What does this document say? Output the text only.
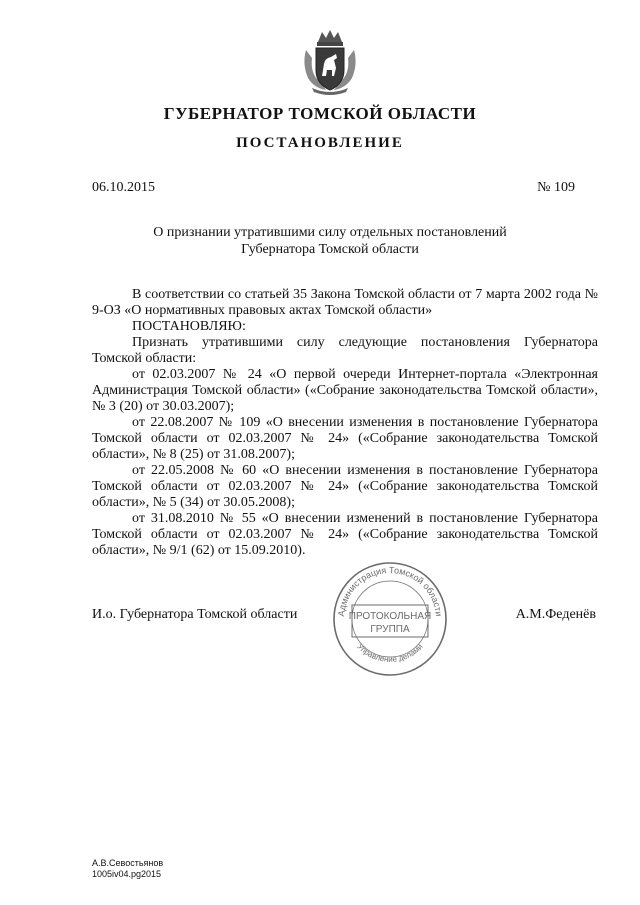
ГУБЕРНАТОР ТОМСКОЙ ОБЛАСТИ
ПОСТАНОВЛЕНИЕ
06.10.2015	№ 109
О признании утратившими силу отдельных постановлений
Губернатора Томской области

В соответствии со статьей 35 Закона Томской области от 7 марта 2002 года № 9-ОЗ «О нормативных правовых актах Томской области»

ПОСТАНОВЛЯЮ:

Признать утратившими силу следующие постановления Губернатора Томской области:

от 02.03.2007 № 24 «О первой очереди Интернет-портала «Электронная Администрация Томской области» («Собрание законодательства Томской области», № 3 (20) от 30.03.2007);

от 22.08.2007 № 109 «О внесении изменения в постановление Губернатора Томской области от 02.03.2007 № 24» («Собрание законодательства Томской области», № 8 (25) от 31.08.2007);

от 22.05.2008 № 60 «О внесении изменения в постановление Губернатора Томской области от 02.03.2007 № 24» («Собрание законодательства Томской области», № 5 (34) от 30.05.2008);

от 31.08.2010 № 55 «О внесении изменений в постановление Губернатора Томской области от 02.03.2007 № 24» («Собрание законодательства Томской области», № 9/1 (62) от 15.09.2010).

Администрация Томской области
Управление делами
ПРОТОКОЛЬНАЯ
ГРУППА
И.о. Губернатора Томской области	А.М.Феденёв
А.В.Севостьянов
1005iv04.pg2015
